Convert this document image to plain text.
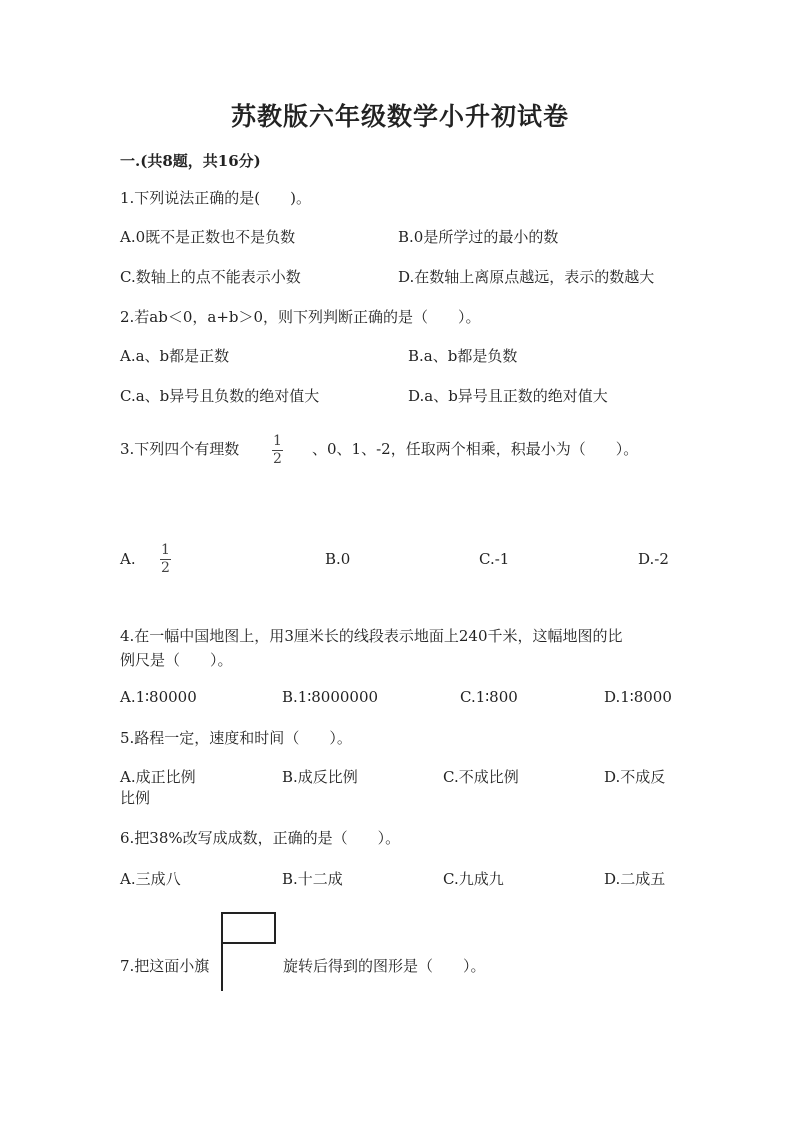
苏教版六年级数学小升初试卷
一.(共8题，共16分)
1.下列说法正确的是(　　)。
A.0既不是正数也不是负数	B.0是所学过的最小的数
C.数轴上的点不能表示小数	D.在数轴上离原点越远，表示的数越大
2.若ab＜0，a+b＞0，则下列判断正确的是（　　）。
A.a、b都是正数	B.a、b都是负数
C.a、b异号且负数的绝对值大	D.a、b异号且正数的绝对值大
3.下列四个有理数 1
2
、0、1、-2，任取两个相乘，积最小为（　　）。
A. 1
2	B.0	C.-1	D.-2
4.在一幅中国地图上，用3厘米长的线段表示地面上240千米，这幅地图的比
例尺是（　　）。
A.1∶80000	B.1∶8000000	C.1∶800	D.1∶8000
5.路程一定，速度和时间（　　）。
A.成正比例
比例
B.成反比例	C.不成比例	D.不成反
6.把38%改写成成数，正确的是（　　）。
A.三成八	B.十二成	C.九成九	D.二成五
7.把这面小旗	旋转后得到的图形是（　　）。
